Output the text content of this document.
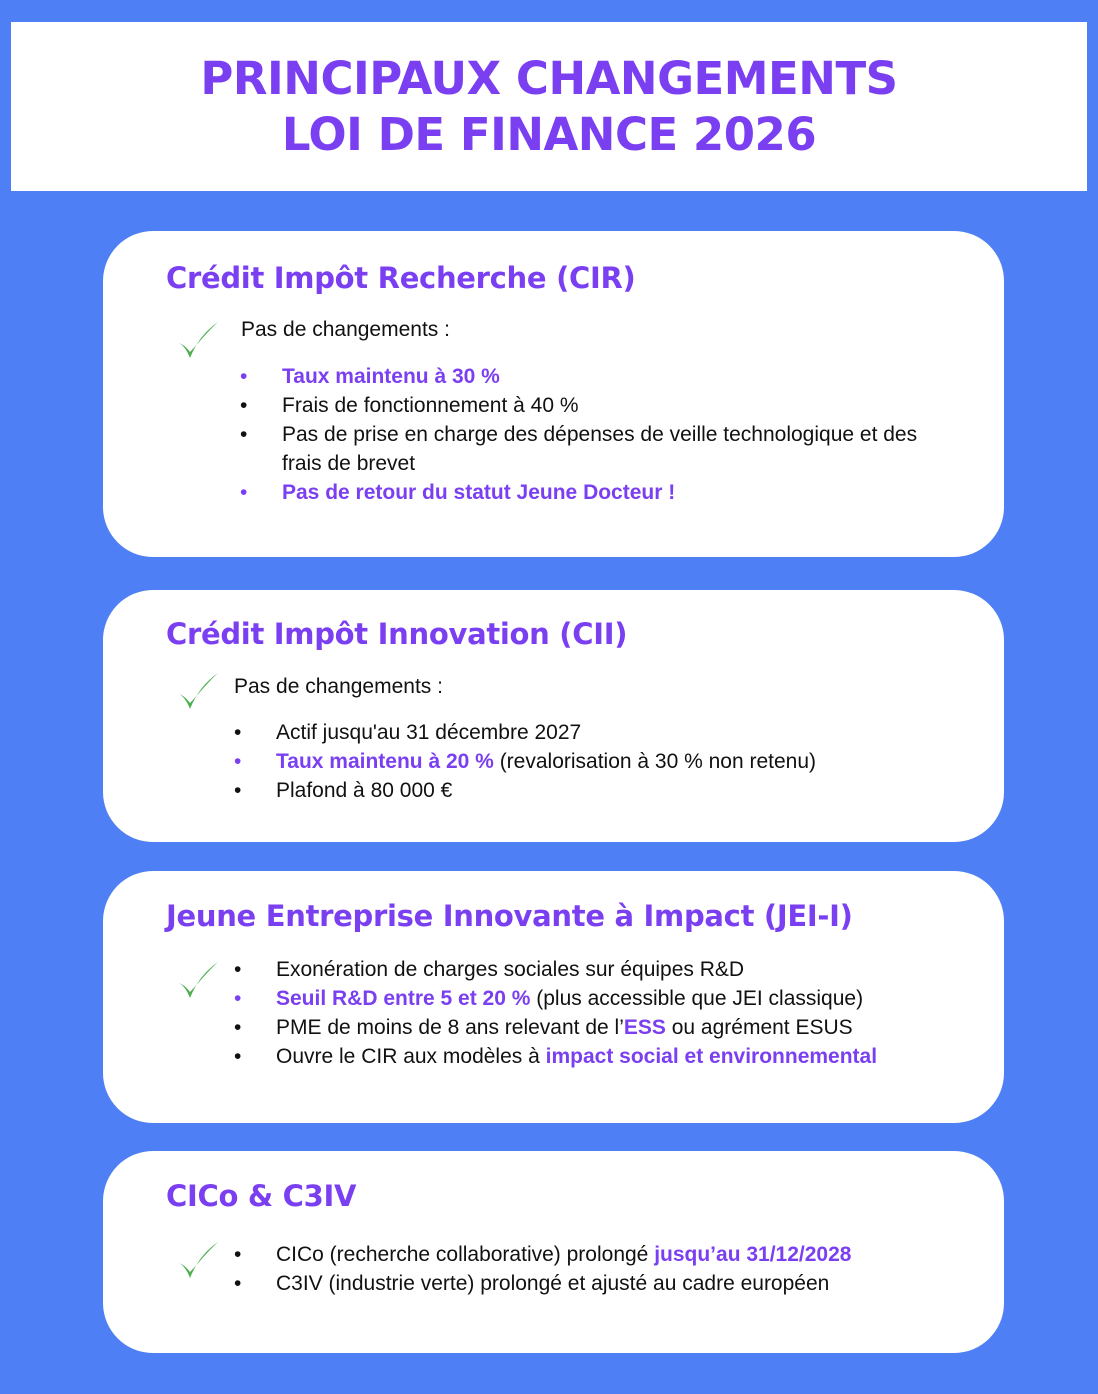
PRINCIPAUX CHANGEMENTS
LOI DE FINANCE 2026
Crédit Impôt Recherche (CIR)
Pas de changements :
• Taux maintenu à 30 %
• Frais de fonctionnement à 40 %
• Pas de prise en charge des dépenses de veille technologique et des frais de brevet
• Pas de retour du statut Jeune Docteur !
Crédit Impôt Innovation (CII)
Pas de changements :
• Actif jusqu'au 31 décembre 2027
• Taux maintenu à 20 % (revalorisation à 30 % non retenu)
• Plafond à 80 000 €
Jeune Entreprise Innovante à Impact (JEI-I)
• Exonération de charges sociales sur équipes R&D
• Seuil R&D entre 5 et 20 % (plus accessible que JEI classique)
• PME de moins de 8 ans relevant de l’ESS ou agrément ESUS
• Ouvre le CIR aux modèles à impact social et environnemental
CICo & C3IV
• CICo (recherche collaborative) prolongé jusqu’au 31/12/2028
• C3IV (industrie verte) prolongé et ajusté au cadre européen
